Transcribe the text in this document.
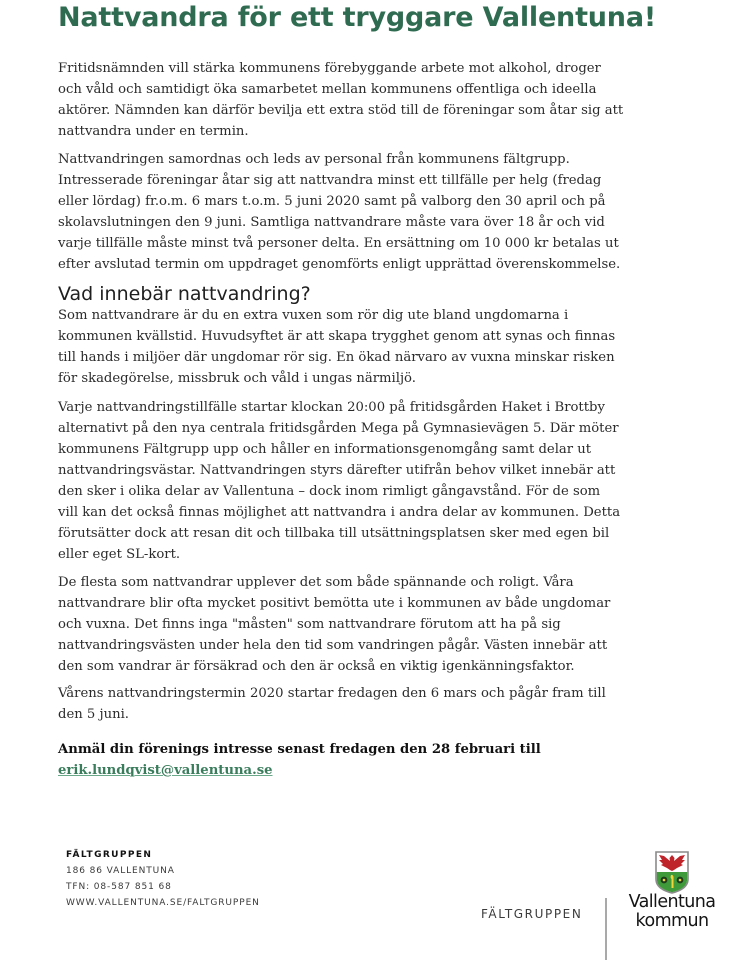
Nattvandra för ett tryggare Vallentuna!

Fritidsnämnden vill stärka kommunens förebyggande arbete mot alkohol, droger och våld och samtidigt öka samarbetet mellan kommunens offentliga och ideella aktörer. Nämnden kan därför bevilja ett extra stöd till de föreningar som åtar sig att nattvandra under en termin.

Nattvandringen samordnas och leds av personal från kommunens fältgrupp. Intresserade föreningar åtar sig att nattvandra minst ett tillfälle per helg (fredag eller lördag) fr.o.m. 6 mars t.o.m. 5 juni 2020 samt på valborg den 30 april och på skolavslutningen den 9 juni. Samtliga nattvandrare måste vara över 18 år och vid varje tillfälle måste minst två personer delta. En ersättning om 10 000 kr betalas ut efter avslutad termin om uppdraget genomförts enligt upprättad överenskommelse.

Vad innebär nattvandring?

Som nattvandrare är du en extra vuxen som rör dig ute bland ungdomarna i kommunen kvällstid. Huvudsyftet är att skapa trygghet genom att synas och finnas till hands i miljöer där ungdomar rör sig. En ökad närvaro av vuxna minskar risken för skadegörelse, missbruk och våld i ungas närmiljö.

Varje nattvandringstillfälle startar klockan 20:00 på fritidsgården Haket i Brottby alternativt på den nya centrala fritidsgården Mega på Gymnasievägen 5. Där möter kommunens Fältgrupp upp och håller en informationsgenomgång samt delar ut nattvandringsvästar. Nattvandringen styrs därefter utifrån behov vilket innebär att den sker i olika delar av Vallentuna – dock inom rimligt gångavstånd. För de som vill kan det också finnas möjlighet att nattvandra i andra delar av kommunen. Detta förutsätter dock att resan dit och tillbaka till utsättningsplatsen sker med egen bil eller eget SL-kort.

De flesta som nattvandrar upplever det som både spännande och roligt. Våra nattvandrare blir ofta mycket positivt bemötta ute i kommunen av både ungdomar och vuxna. Det finns inga "måsten" som nattvandrare förutom att ha på sig nattvandringsvästen under hela den tid som vandringen pågår. Västen innebär att den som vandrar är försäkrad och den är också en viktig igenkänningsfaktor.

Vårens nattvandringstermin 2020 startar fredagen den 6 mars och pågår fram till den 5 juni.

Anmäl din förenings intresse senast fredagen den 28 februari till
erik.lundqvist@vallentuna.se

FÄLTGRUPPEN
186 86 VALLENTUNA
TFN: 08-587 851 68
WWW.VALLENTUNA.SE/FALTGRUPPEN
FÄLTGRUPPEN
Vallentuna
kommun
